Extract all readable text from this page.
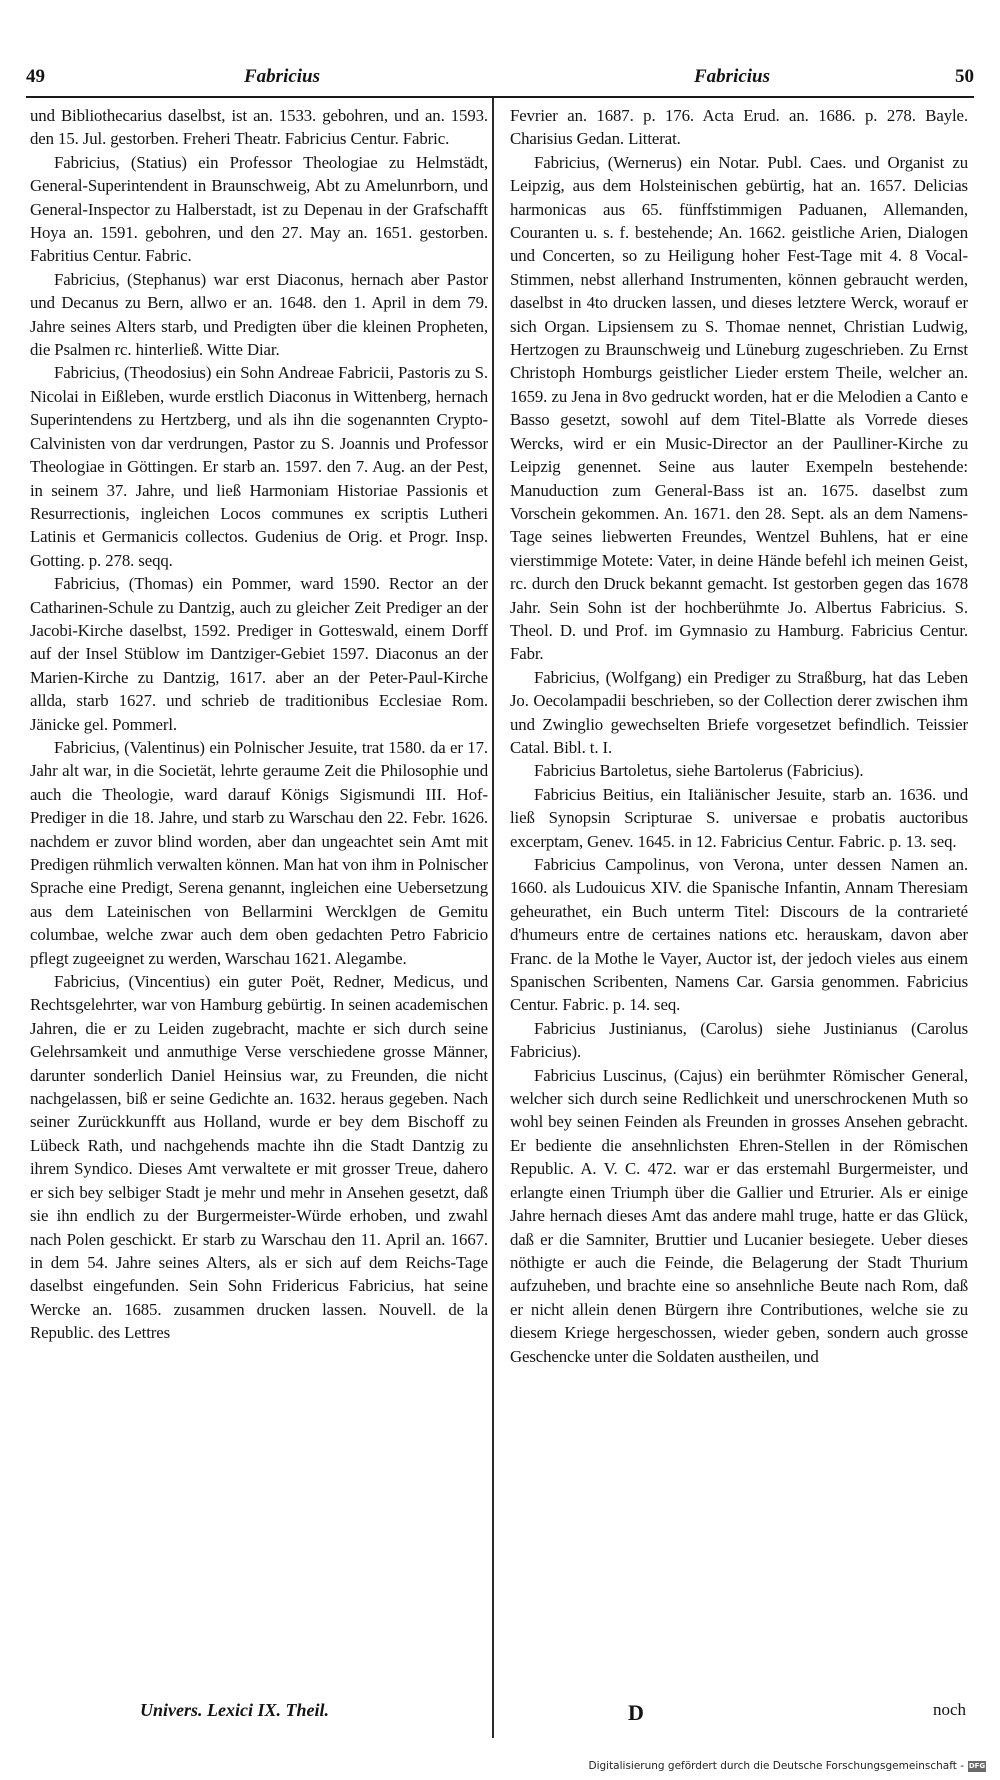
49	Fabricius	Fabricius	50

und Bibliothecarius daselbst, ist an. 1533. gebohren, und an. 1593. den 15. Jul. gestorben. Freheri Theatr. Fabricius Centur. Fabric.

Fabricius, (Statius) ein Professor Theologiae zu Helmstädt, General-Superintendent in Braunschweig, Abt zu Amelunrborn, und General-Inspector zu Halberstadt, ist zu Depenau in der Grafschafft Hoya an. 1591. gebohren, und den 27. May an. 1651. gestorben. Fabritius Centur. Fabric.

Fabricius, (Stephanus) war erst Diaconus, hernach aber Pastor und Decanus zu Bern, allwo er an. 1648. den 1. April in dem 79. Jahre seines Alters starb, und Predigten über die kleinen Propheten, die Psalmen rc. hinterließ. Witte Diar.

Fabricius, (Theodosius) ein Sohn Andreae Fabricii, Pastoris zu S. Nicolai in Eißleben, wurde erstlich Diaconus in Wittenberg, hernach Superintendens zu Hertzberg, und als ihn die sogenannten Crypto-Calvinisten von dar verdrungen, Pastor zu S. Joannis und Professor Theologiae in Göttingen. Er starb an. 1597. den 7. Aug. an der Pest, in seinem 37. Jahre, und ließ Harmoniam Historiae Passionis et Resurrectionis, ingleichen Locos communes ex scriptis Lutheri Latinis et Germanicis collectos. Gudenius de Orig. et Progr. Insp. Gotting. p. 278. seqq.

Fabricius, (Thomas) ein Pommer, ward 1590. Rector an der Catharinen-Schule zu Dantzig, auch zu gleicher Zeit Prediger an der Jacobi-Kirche daselbst, 1592. Prediger in Gotteswald, einem Dorff auf der Insel Stüblow im Dantziger-Gebiet 1597. Diaconus an der Marien-Kirche zu Dantzig, 1617. aber an der Peter-Paul-Kirche allda, starb 1627. und schrieb de traditionibus Ecclesiae Rom. Jänicke gel. Pommerl.

Fabricius, (Valentinus) ein Polnischer Jesuite, trat 1580. da er 17. Jahr alt war, in die Societät, lehrte geraume Zeit die Philosophie und auch die Theologie, ward darauf Königs Sigismundi III. Hof-Prediger in die 18. Jahre, und starb zu Warschau den 22. Febr. 1626. nachdem er zuvor blind worden, aber dan ungeachtet sein Amt mit Predigen rühmlich verwalten können. Man hat von ihm in Polnischer Sprache eine Predigt, Serena genannt, ingleichen eine Uebersetzung aus dem Lateinischen von Bellarmini Wercklgen de Gemitu columbae, welche zwar auch dem oben gedachten Petro Fabricio pflegt zugeeignet zu werden, Warschau 1621. Alegambe.

Fabricius, (Vincentius) ein guter Poët, Redner, Medicus, und Rechtsgelehrter, war von Hamburg gebürtig. In seinen academischen Jahren, die er zu Leiden zugebracht, machte er sich durch seine Gelehrsamkeit und anmuthige Verse verschiedene grosse Männer, darunter sonderlich Daniel Heinsius war, zu Freunden, die nicht nachgelassen, biß er seine Gedichte an. 1632. heraus gegeben. Nach seiner Zurückkunfft aus Holland, wurde er bey dem Bischoff zu Lübeck Rath, und nachgehends machte ihn die Stadt Dantzig zu ihrem Syndico. Dieses Amt verwaltete er mit grosser Treue, dahero er sich bey selbiger Stadt je mehr und mehr in Ansehen gesetzt, daß sie ihn endlich zu der Burgermeister-Würde erhoben, und zwahl nach Polen geschickt. Er starb zu Warschau den 11. April an. 1667. in dem 54. Jahre seines Alters, als er sich auf dem Reichs-Tage daselbst eingefunden. Sein Sohn Fridericus Fabricius, hat seine Wercke an. 1685. zusammen drucken lassen. Nouvell. de la Republic. des Lettres

Fevrier an. 1687. p. 176. Acta Erud. an. 1686. p. 278. Bayle. Charisius Gedan. Litterat.

Fabricius, (Wernerus) ein Notar. Publ. Caes. und Organist zu Leipzig, aus dem Holsteinischen gebürtig, hat an. 1657. Delicias harmonicas aus 65. fünffstimmigen Paduanen, Allemanden, Couranten u. s. f. bestehende; An. 1662. geistliche Arien, Dialogen und Concerten, so zu Heiligung hoher Fest-Tage mit 4. 8 Vocal-Stimmen, nebst allerhand Instrumenten, können gebraucht werden, daselbst in 4to drucken lassen, und dieses letztere Werck, worauf er sich Organ. Lipsiensem zu S. Thomae nennet, Christian Ludwig, Hertzogen zu Braunschweig und Lüneburg zugeschrieben. Zu Ernst Christoph Homburgs geistlicher Lieder erstem Theile, welcher an. 1659. zu Jena in 8vo gedruckt worden, hat er die Melodien a Canto e Basso gesetzt, sowohl auf dem Titel-Blatte als Vorrede dieses Wercks, wird er ein Music-Director an der Paulliner-Kirche zu Leipzig genennet. Seine aus lauter Exempeln bestehende: Manuduction zum General-Bass ist an. 1675. daselbst zum Vorschein gekommen. An. 1671. den 28. Sept. als an dem Namens-Tage seines liebwerten Freundes, Wentzel Buhlens, hat er eine vierstimmige Motete: Vater, in deine Hände befehl ich meinen Geist, rc. durch den Druck bekannt gemacht. Ist gestorben gegen das 1678 Jahr. Sein Sohn ist der hochberühmte Jo. Albertus Fabricius. S. Theol. D. und Prof. im Gymnasio zu Hamburg. Fabricius Centur. Fabr.

Fabricius, (Wolfgang) ein Prediger zu Straßburg, hat das Leben Jo. Oecolampadii beschrieben, so der Collection derer zwischen ihm und Zwinglio gewechselten Briefe vorgesetzet befindlich. Teissier Catal. Bibl. t. I.

Fabricius Bartoletus, siehe Bartolerus (Fabricius).

Fabricius Beitius, ein Italiänischer Jesuite, starb an. 1636. und ließ Synopsin Scripturae S. universae e probatis auctoribus excerptam, Genev. 1645. in 12. Fabricius Centur. Fabric. p. 13. seq.

Fabricius Campolinus, von Verona, unter dessen Namen an. 1660. als Ludouicus XIV. die Spanische Infantin, Annam Theresiam geheurathet, ein Buch unterm Titel: Discours de la contrarieté d'humeurs entre de certaines nations etc. herauskam, davon aber Franc. de la Mothe le Vayer, Auctor ist, der jedoch vieles aus einem Spanischen Scribenten, Namens Car. Garsia genommen. Fabricius Centur. Fabric. p. 14. seq.

Fabricius Justinianus, (Carolus) siehe Justinianus (Carolus Fabricius).

Fabricius Luscinus, (Cajus) ein berühmter Römischer General, welcher sich durch seine Redlichkeit und unerschrockenen Muth so wohl bey seinen Feinden als Freunden in grosses Ansehen gebracht. Er bediente die ansehnlichsten Ehren-Stellen in der Römischen Republic. A. V. C. 472. war er das erstemahl Burgermeister, und erlangte einen Triumph über die Gallier und Etrurier. Als er einige Jahre hernach dieses Amt das andere mahl truge, hatte er das Glück, daß er die Samniter, Bruttier und Lucanier besiegete. Ueber dieses nöthigte er auch die Feinde, die Belagerung der Stadt Thurium aufzuheben, und brachte eine so ansehnliche Beute nach Rom, daß er nicht allein denen Bürgern ihre Contributiones, welche sie zu diesem Kriege hergeschossen, wieder geben, sondern auch grosse Geschencke unter die Soldaten austheilen, und

Univers. Lexici IX. Theil.	D	noch
Digitalisierung gefördert durch die Deutsche Forschungsgemeinschaft - DFG
